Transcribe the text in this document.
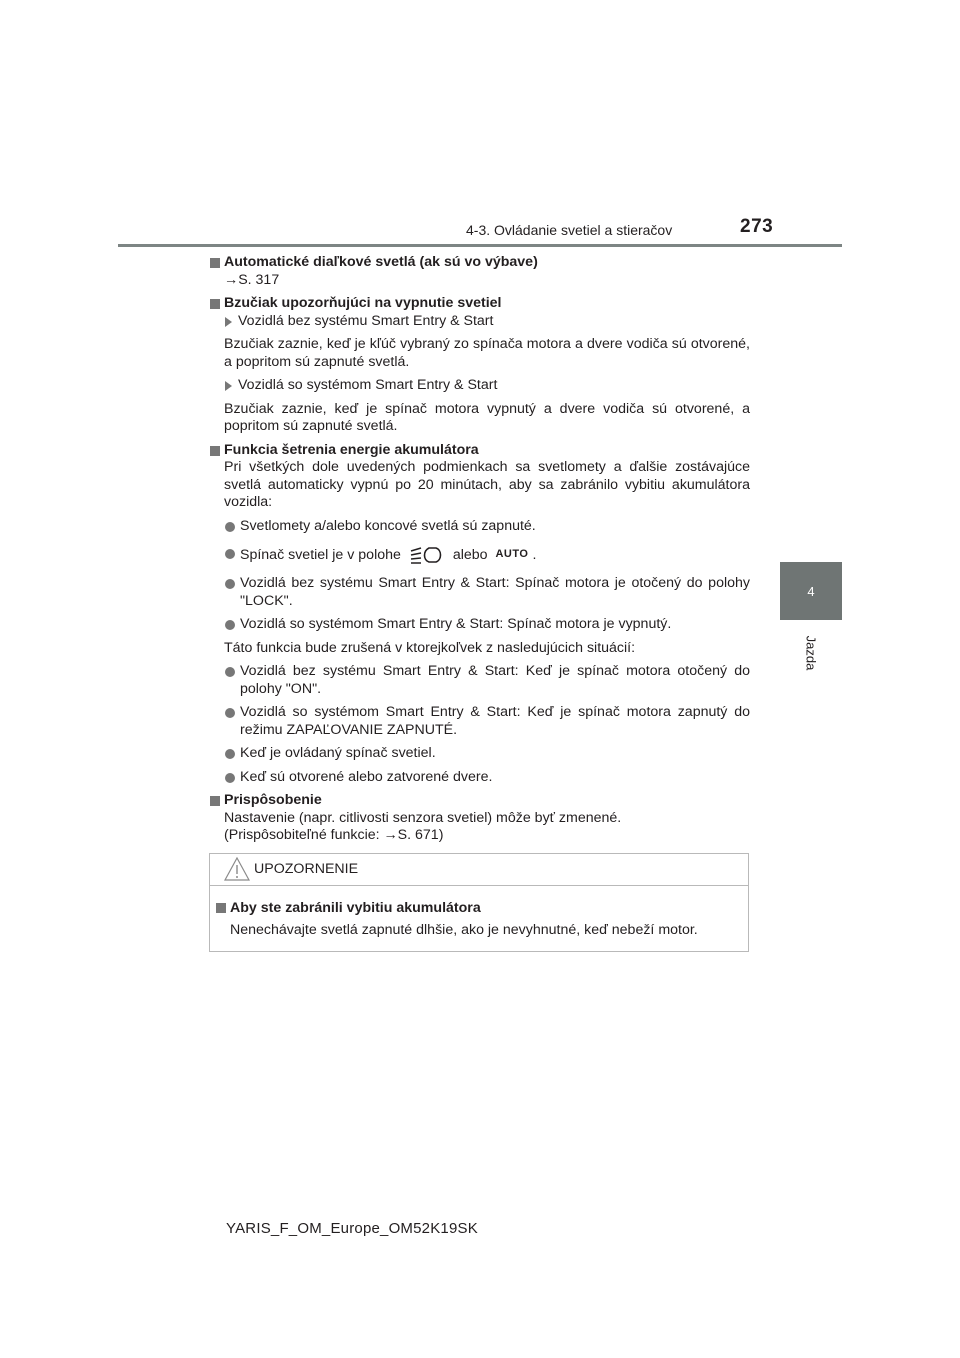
4-3. Ovládanie svetiel a stieračov	273
4
Jazda

Automatické diaľkové svetlá (ak sú vo výbave)

→S. 317

Bzučiak upozorňujúci na vypnutie svetiel

Vozidlá bez systému Smart Entry & Start

Bzučiak zaznie, keď je kľúč vybraný zo spínača motora a dvere vodiča sú otvorené, a popritom sú zapnuté svetlá.

Vozidlá so systémom Smart Entry & Start

Bzučiak zaznie, keď je spínač motora vypnutý a dvere vodiča sú otvorené, a popritom sú zapnuté svetlá.

Funkcia šetrenia energie akumulátora

Pri všetkých dole uvedených podmienkach sa svetlomety a ďalšie zostávajúce svetlá automaticky vypnú po 20 minútach, aby sa zabránilo vybitiu akumulátora vozidla:

Svetlomety a/alebo koncové svetlá sú zapnuté.

Spínač svetiel je v polohe	alebo AUTO .

Vozidlá bez systému Smart Entry & Start: Spínač motora je otočený do polohy "LOCK".

Vozidlá so systémom Smart Entry & Start: Spínač motora je vypnutý.

Táto funkcia bude zrušená v ktorejkoľvek z nasledujúcich situácií:

Vozidlá bez systému Smart Entry & Start: Keď je spínač motora otočený do polohy "ON".

Vozidlá so systémom Smart Entry & Start: Keď je spínač motora zapnutý do režimu ZAPAĽOVANIE ZAPNUTÉ.

Keď je ovládaný spínač svetiel.

Keď sú otvorené alebo zatvorené dvere.

Prispôsobenie

Nastavenie (napr. citlivosti senzora svetiel) môže byť zmenené.
(Prispôsobiteľné funkcie: →S. 671)

UPOZORNENIE
Aby ste zabránili vybitiu akumulátora
Nenechávajte svetlá zapnuté dlhšie, ako je nevyhnutné, keď nebeží motor.
YARIS_F_OM_Europe_OM52K19SK
